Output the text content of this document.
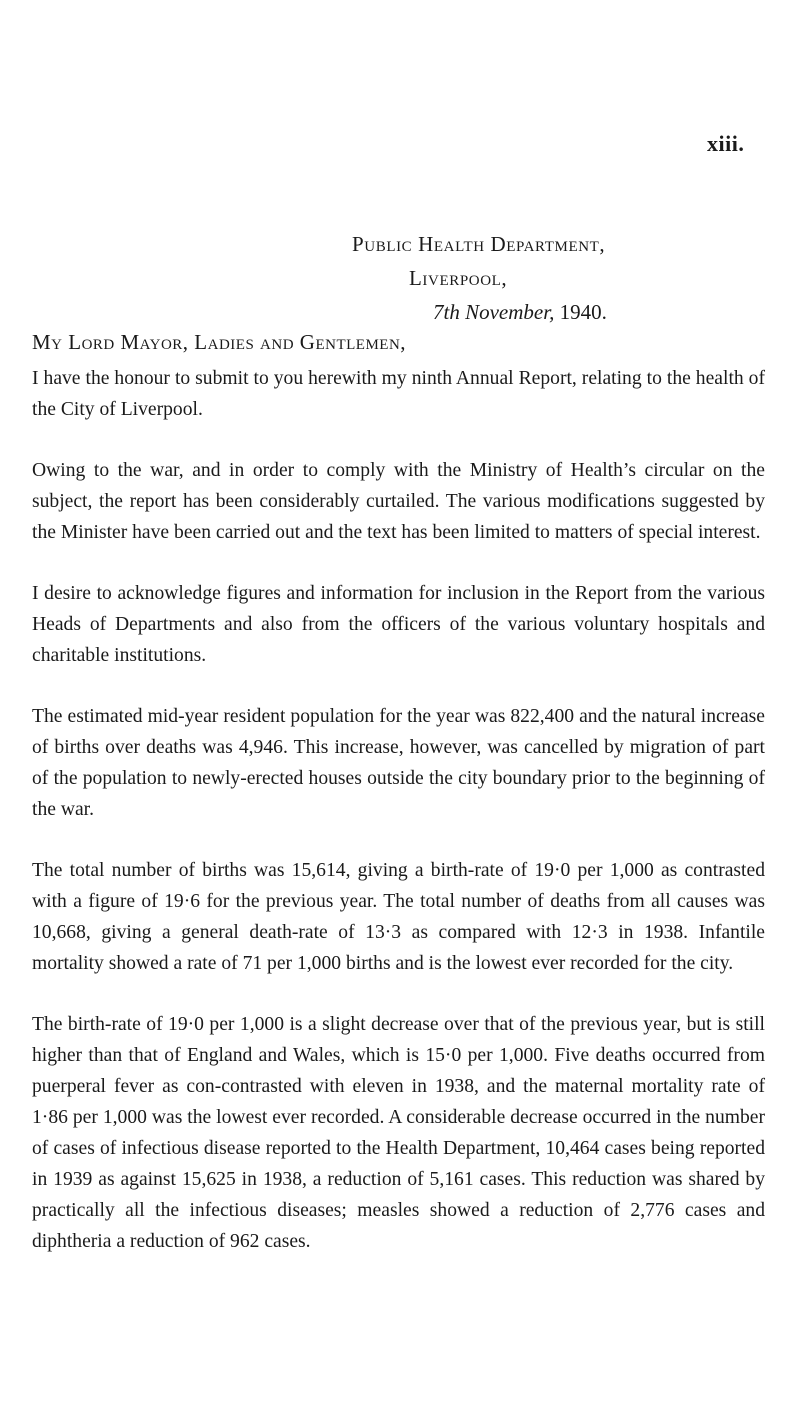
xiii.
Public Health Department,
Liverpool,
7th November, 1940.
My Lord Mayor, Ladies and Gentlemen,

I have the honour to submit to you herewith my ninth Annual Report, relating to the health of the City of Liverpool.

Owing to the war, and in order to comply with the Ministry of Health’s circular on the subject, the report has been considerably curtailed. The various modifications suggested by the Minister have been carried out and the text has been limited to matters of special interest.

I desire to acknowledge figures and information for inclusion in the Report from the various Heads of Departments and also from the officers of the various voluntary hospitals and charitable institutions.

The estimated mid-year resident population for the year was 822,400 and the natural increase of births over deaths was 4,946. This increase, however, was cancelled by migration of part of the population to newly-erected houses outside the city boundary prior to the beginning of the war.

The total number of births was 15,614, giving a birth-rate of 19·0 per 1,000 as contrasted with a figure of 19·6 for the previous year. The total number of deaths from all causes was 10,668, giving a general death-rate of 13·3 as compared with 12·3 in 1938. Infantile mortality showed a rate of 71 per 1,000 births and is the lowest ever recorded for the city.

The birth-rate of 19·0 per 1,000 is a slight decrease over that of the previous year, but is still higher than that of England and Wales, which is 15·0 per 1,000. Five deaths occurred from puerperal fever as con-contrasted with eleven in 1938, and the maternal mortality rate of 1·86 per 1,000 was the lowest ever recorded. A considerable decrease occurred in the number of cases of infectious disease reported to the Health Department, 10,464 cases being reported in 1939 as against 15,625 in 1938, a reduction of 5,161 cases. This reduction was shared by practically all the infectious diseases; measles showed a reduction of 2,776 cases and diphtheria a reduction of 962 cases.
